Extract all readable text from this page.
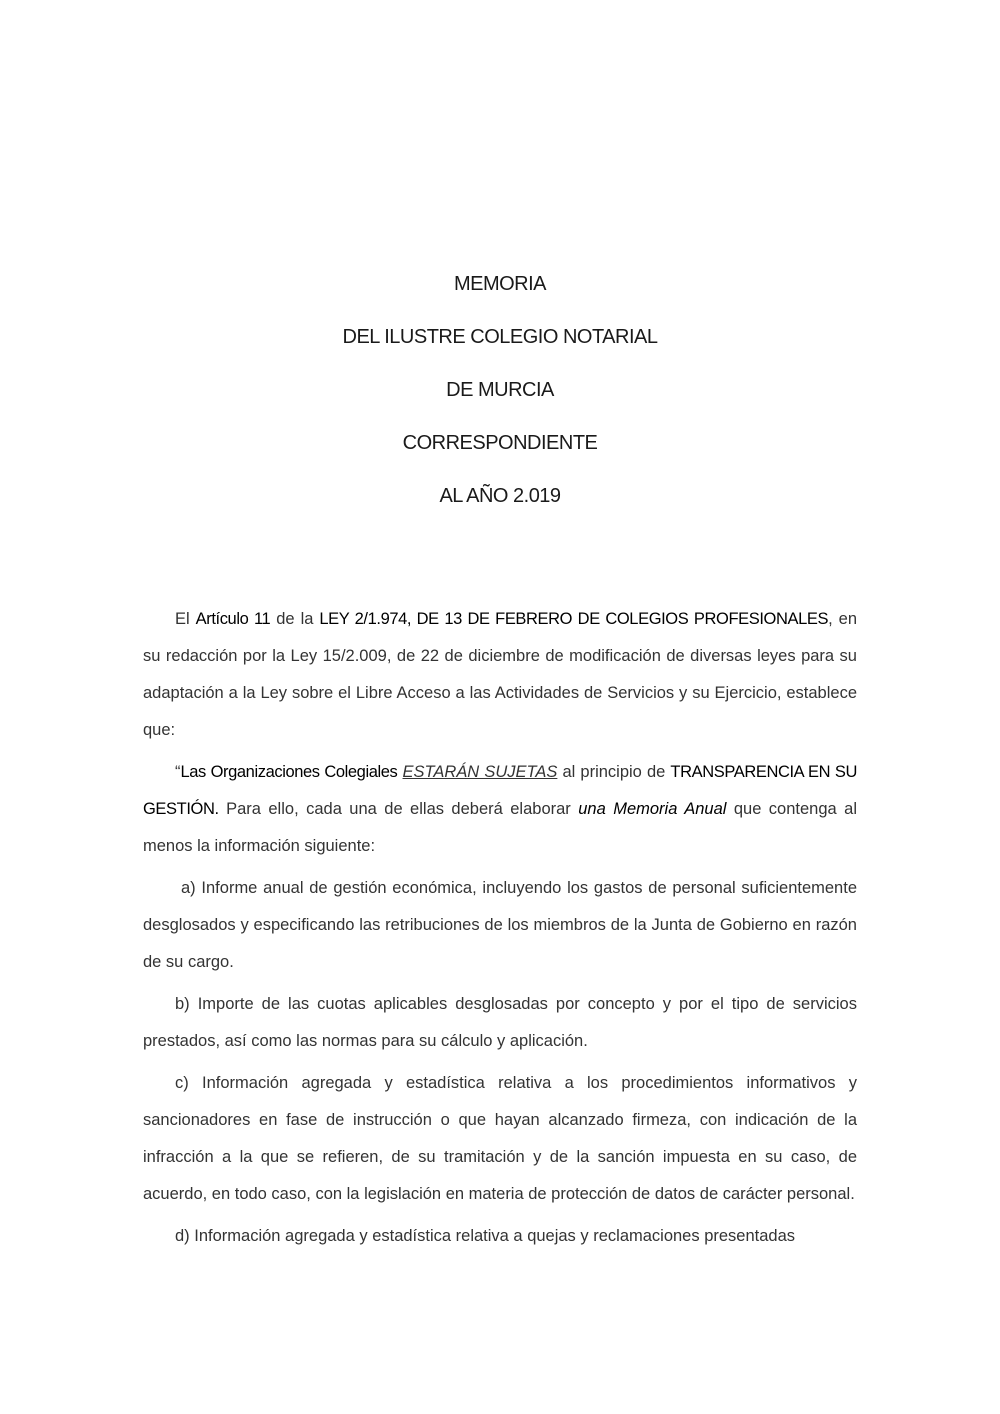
MEMORIA
DEL ILUSTRE COLEGIO NOTARIAL
DE MURCIA
CORRESPONDIENTE
AL AÑO 2.019

El Artículo 11 de la LEY 2/1.974, DE 13 DE FEBRERO DE COLEGIOS PROFESIONALES, en su redacción por la Ley 15/2.009, de 22 de diciembre de modificación de diversas leyes para su adaptación a la Ley sobre el Libre Acceso a las Actividades de Servicios y su Ejercicio, establece que:

“Las Organizaciones Colegiales ESTARÁN SUJETAS al principio de TRANSPARENCIA EN SU GESTIÓN. Para ello, cada una de ellas deberá elaborar una Memoria Anual que contenga al menos la información siguiente:

a) Informe anual de gestión económica, incluyendo los gastos de personal suficientemente desglosados y especificando las retribuciones de los miembros de la Junta de Gobierno en razón de su cargo.

b) Importe de las cuotas aplicables desglosadas por concepto y por el tipo de servicios prestados, así como las normas para su cálculo y aplicación.

c) Información agregada y estadística relativa a los procedimientos informativos y sancionadores en fase de instrucción o que hayan alcanzado firmeza, con indicación de la infracción a la que se refieren, de su tramitación y de la sanción impuesta en su caso, de acuerdo, en todo caso, con la legislación en materia de protección de datos de carácter personal.

d) Información agregada y estadística relativa a quejas y reclamaciones presentadas
